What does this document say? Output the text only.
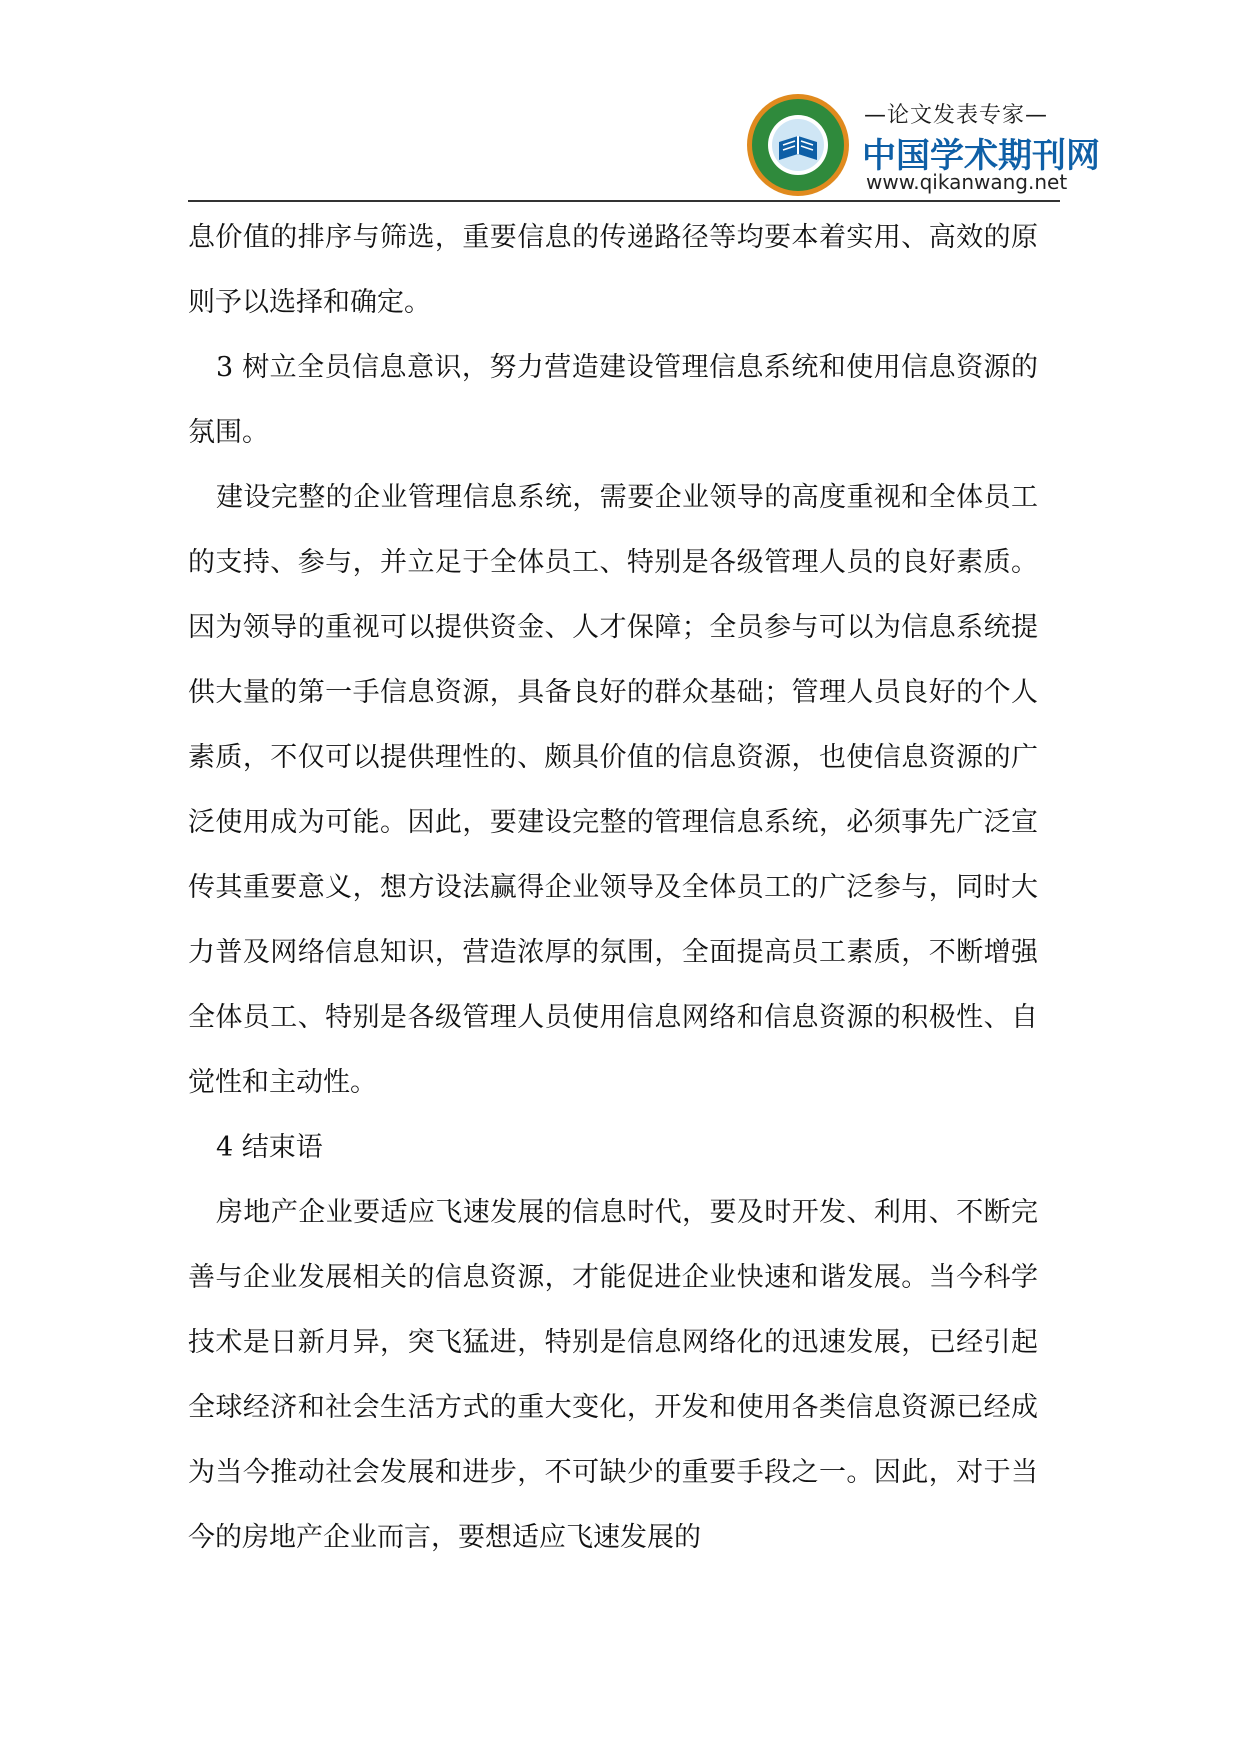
—论文发表专家—
中国学术期刊网
www.qikanwang.net

息价值的排序与筛选，重要信息的传递路径等均要本着实用、高效的原则予以选择和确定。

3 树立全员信息意识，努力营造建设管理信息系统和使用信息资源的氛围。

建设完整的企业管理信息系统，需要企业领导的高度重视和全体员工的支持、参与，并立足于全体员工、特别是各级管理人员的良好素质。因为领导的重视可以提供资金、人才保障；全员参与可以为信息系统提供大量的第一手信息资源，具备良好的群众基础；管理人员良好的个人素质，不仅可以提供理性的、颇具价值的信息资源，也使信息资源的广泛使用成为可能。因此，要建设完整的管理信息系统，必须事先广泛宣传其重要意义，想方设法赢得企业领导及全体员工的广泛参与，同时大力普及网络信息知识，营造浓厚的氛围，全面提高员工素质，不断增强全体员工、特别是各级管理人员使用信息网络和信息资源的积极性、自觉性和主动性。

4 结束语

房地产企业要适应飞速发展的信息时代，要及时开发、利用、不断完善与企业发展相关的信息资源，才能促进企业快速和谐发展。当今科学技术是日新月异，突飞猛进，特别是信息网络化的迅速发展，已经引起全球经济和社会生活方式的重大变化，开发和使用各类信息资源已经成为当今推动社会发展和进步，不可缺少的重要手段之一。因此，对于当今的房地产企业而言，要想适应飞速发展的
